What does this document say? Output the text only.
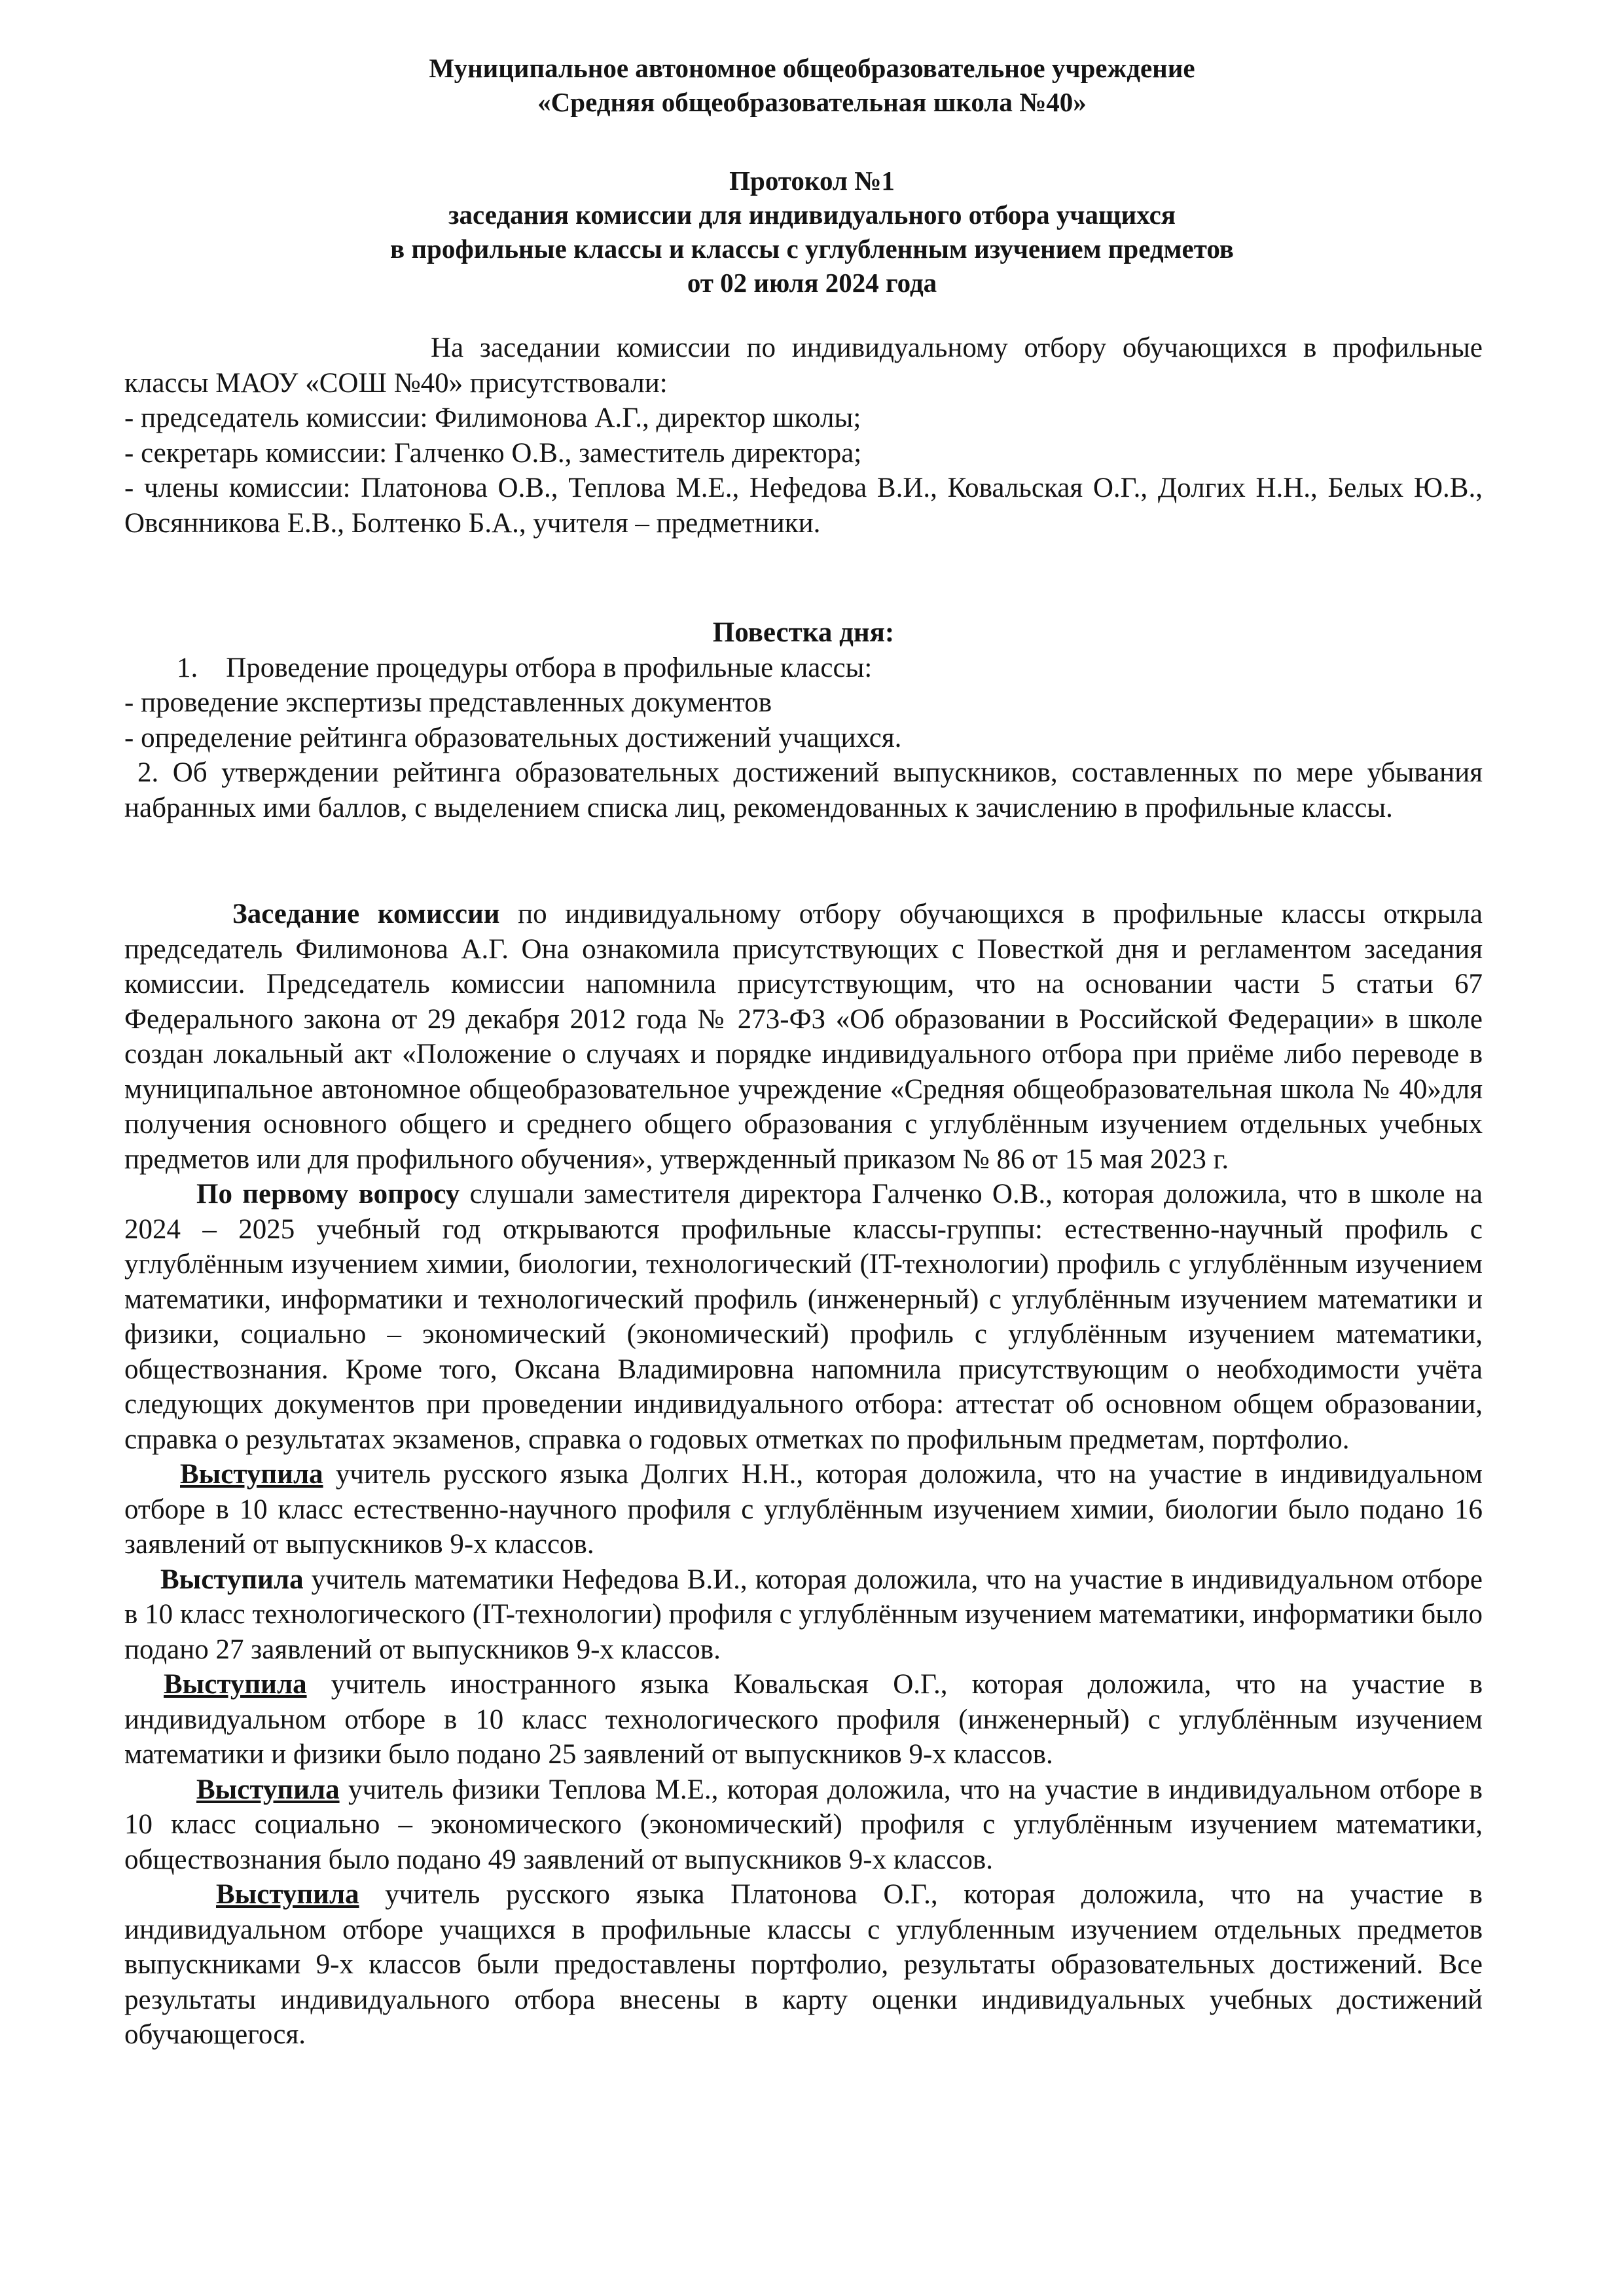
Муниципальное автономное общеобразовательное учреждение
«Средняя общеобразовательная школа №40»
Протокол №1
заседания комиссии для индивидуального отбора учащихся
в профильные классы и классы с углубленным изучением предметов
от 02 июля 2024 года

На заседании комиссии по индивидуальному отбору обучающихся в профильные классы МАОУ «СОШ №40» присутствовали:

- председатель комиссии: Филимонова А.Г., директор школы;

- секретарь комиссии: Галченко О.В., заместитель директора;

- члены комиссии: Платонова О.В., Теплова М.Е., Нефедова В.И., Ковальская О.Г., Долгих Н.Н., Белых Ю.В., Овсянникова Е.В., Болтенко Б.А., учителя – предметники.

Повестка дня:

1. Проведение процедуры отбора в профильные классы:

- проведение экспертизы представленных документов

- определение рейтинга образовательных достижений учащихся.

2. Об утверждении рейтинга образовательных достижений выпускников, составленных по мере убывания набранных ими баллов, с выделением списка лиц, рекомендованных к зачислению в профильные классы.

Заседание комиссии по индивидуальному отбору обучающихся в профильные классы открыла председатель Филимонова А.Г. Она ознакомила присутствующих с Повесткой дня и регламентом заседания комиссии. Председатель комиссии напомнила присутствующим, что на основании части 5 статьи 67 Федерального закона от 29 декабря 2012 года № 273-ФЗ «Об образовании в Российской Федерации» в школе создан локальный акт «Положение о случаях и порядке индивидуального отбора при приёме либо переводе в муниципальное автономное общеобразовательное учреждение «Средняя общеобразовательная школа № 40»для получения основного общего и среднего общего образования с углублённым изучением отдельных учебных предметов или для профильного обучения», утвержденный приказом № 86 от 15 мая 2023 г.

По первому вопросу слушали заместителя директора Галченко О.В., которая доложила, что в школе на 2024 – 2025 учебный год открываются профильные классы-группы: естественно-научный профиль с углублённым изучением химии, биологии, технологический (IT-технологии) профиль с углублённым изучением математики, информатики и технологический профиль (инженерный) с углублённым изучением математики и физики, социально – экономический (экономический) профиль с углублённым изучением математики, обществознания. Кроме того, Оксана Владимировна напомнила присутствующим о необходимости учёта следующих документов при проведении индивидуального отбора: аттестат об основном общем образовании, справка о результатах экзаменов, справка о годовых отметках по профильным предметам, портфолио.

Выступила учитель русского языка Долгих Н.Н., которая доложила, что на участие в индивидуальном отборе в 10 класс естественно-научного профиля с углублённым изучением химии, биологии было подано 16 заявлений от выпускников 9-х классов.

Выступила учитель математики Нефедова В.И., которая доложила, что на участие в индивидуальном отборе в 10 класс технологического (IT-технологии) профиля с углублённым изучением математики, информатики было подано 27 заявлений от выпускников 9-х классов.

Выступила учитель иностранного языка Ковальская О.Г., которая доложила, что на участие в индивидуальном отборе в 10 класс технологического профиля (инженерный) с углублённым изучением математики и физики было подано 25 заявлений от выпускников 9-х классов.

Выступила учитель физики Теплова М.Е., которая доложила, что на участие в индивидуальном отборе в 10 класс социально – экономического (экономический) профиля с углублённым изучением математики, обществознания было подано 49 заявлений от выпускников 9-х классов.

Выступила учитель русского языка Платонова О.Г., которая доложила, что на участие в индивидуальном отборе учащихся в профильные классы с углубленным изучением отдельных предметов выпускниками 9-х классов были предоставлены портфолио, результаты образовательных достижений. Все результаты индивидуального отбора внесены в карту оценки индивидуальных учебных достижений обучающегося.
